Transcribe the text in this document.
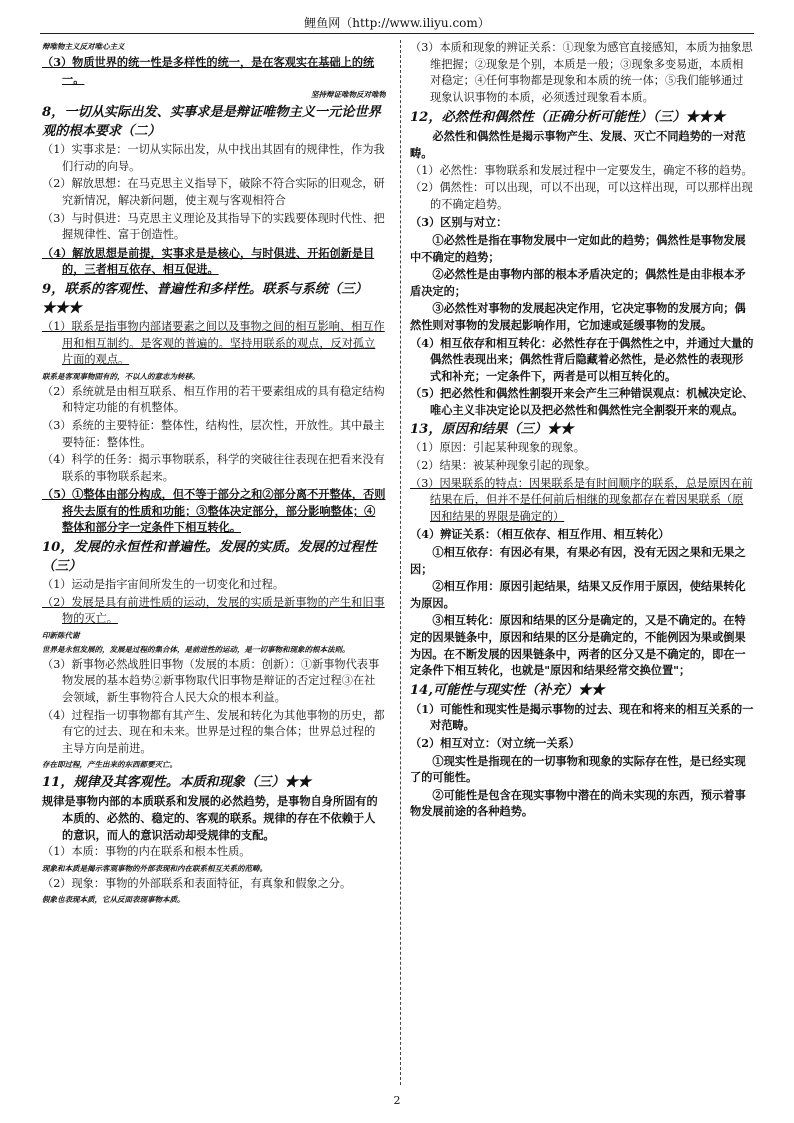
鲤鱼网（http://www.iliyu.com）

辩唯物主义反对唯心主义

（3）物质世界的统一性是多样性的统一，是在客观实在基础上的统一。

坚持辩证唯物反对唯物

8，一切从实际出发、实事求是是辩证唯物主义一元论世界观的根本要求（二）

（1）实事求是：一切从实际出发，从中找出其固有的规律性，作为我们行动的向导。

（2）解放思想：在马克思主义指导下，破除不符合实际的旧观念，研究新情况，解决新问题，使主观与客观相符合

（3）与时俱进：马克思主义理论及其指导下的实践要体现时代性、把握规律性、富于创造性。

（4）解放思想是前提，实事求是是核心，与时俱进、开拓创新是目的，三者相互依存、相互促进。

9，联系的客观性、普遍性和多样性。联系与系统（三）★★★

（1）联系是指事物内部诸要素之间以及事物之间的相互影响、相互作用和相互制约。是客观的普遍的。坚持用联系的观点，反对孤立片面的观点。

联系是客观事物固有的，不以人的意志为转移。

（2）系统就是由相互联系、相互作用的若干要素组成的具有稳定结构和特定功能的有机整体。

（3）系统的主要特征：整体性，结构性，层次性，开放性。其中最主要特征：整体性。

（4）科学的任务：揭示事物联系，科学的突破往往表现在把看来没有联系的事物联系起来。

（5）①整体由部分构成，但不等于部分之和②部分离不开整体，否则将失去原有的性质和功能；③整体决定部分，部分影响整体；④整体和部分字一定条件下相互转化。

10，发展的永恒性和普遍性。发展的实质。发展的过程性（三）

（1）运动是指宇宙间所发生的一切变化和过程。

（2）发展是具有前进性质的运动，发展的实质是新事物的产生和旧事物的灭亡。

印新陈代谢

世界是永恒发展的，发展是过程的集合体，是前进性的运动，是一切事物和现象的根本法则。

（3）新事物必然战胜旧事物（发展的本质：创新）：①新事物代表事物发展的基本趋势②新事物取代旧事物是辩证的否定过程③在社会领域，新生事物符合人民大众的根本利益。

（4）过程指一切事物都有其产生、发展和转化为其他事物的历史，都有它的过去、现在和未来。世界是过程的集合体；世界总过程的主导方向是前进。

存在即过程，产生出来的东西都要灭亡。

11，规律及其客观性。本质和现象（三）★★

规律是事物内部的本质联系和发展的必然趋势，是事物自身所固有的本质的、必然的、稳定的、客观的联系。规律的存在不依赖于人的意识，而人的意识活动却受规律的支配。

（1）本质：事物的内在联系和根本性质。

现象和本质是揭示客观事物的外部表现和内在联系相互关系的范畴。

（2）现象：事物的外部联系和表面特征，有真象和假象之分。

假象也表现本质，它从反面表现事物本质。

（3）本质和现象的辨证关系：①现象为感官直接感知，本质为抽象思维把握；②现象是个别，本质是一般；③现象多变易逝，本质相对稳定；④任何事物都是现象和本质的统一体；⑤我们能够通过现象认识事物的本质，必须透过现象看本质。

12，必然性和偶然性（正确分析可能性）（三）★★★

必然性和偶然性是揭示事物产生、发展、灭亡不同趋势的一对范畴。

（1）必然性：事物联系和发展过程中一定要发生，确定不移的趋势。

（2）偶然性：可以出现，可以不出现，可以这样出现，可以那样出现的不确定趋势。

（3）区别与对立：

①必然性是指在事物发展中一定如此的趋势；偶然性是事物发展中不确定的趋势；

②必然性是由事物内部的根本矛盾决定的；偶然性是由非根本矛盾决定的；

③必然性对事物的发展起决定作用，它决定事物的发展方向；偶然性则对事物的发展起影响作用，它加速或延缓事物的发展。

（4）相互依存和相互转化：必然性存在于偶然性之中，并通过大量的偶然性表现出来；偶然性背后隐藏着必然性，是必然性的表现形式和补充；一定条件下，两者是可以相互转化的。

（5）把必然性和偶然性割裂开来会产生三种错误观点：机械决定论、唯心主义非决定论以及把必然性和偶然性完全割裂开来的观点。

13，原因和结果（三）★★

（1）原因：引起某种现象的现象。

（2）结果：被某种现象引起的现象。

（3）因果联系的特点：因果联系是有时间顺序的联系，总是原因在前结果在后，但并不是任何前后相继的现象都存在着因果联系（原因和结果的界限是确定的）

（4）辨证关系：（相互依存、相互作用、相互转化）

①相互依存：有因必有果，有果必有因，没有无因之果和无果之因；

②相互作用：原因引起结果，结果又反作用于原因，使结果转化为原因。

③相互转化：原因和结果的区分是确定的，又是不确定的。在特定的因果链条中，原因和结果的区分是确定的，不能例因为果或倒果为因。在不断发展的因果链条中，两者的区分又是不确定的，即在一定条件下相互转化，也就是"原因和结果经常交换位置"；

14,可能性与现实性（补充）★★

（1）可能性和现实性是揭示事物的过去、现在和将来的相互关系的一对范畴。

（2）相互对立：（对立统一关系）

①现实性是指现在的一切事物和现象的实际存在性，是已经实现了的可能性。

②可能性是包含在现实事物中潜在的尚未实现的东西，预示着事物发展前途的各种趋势。

2
